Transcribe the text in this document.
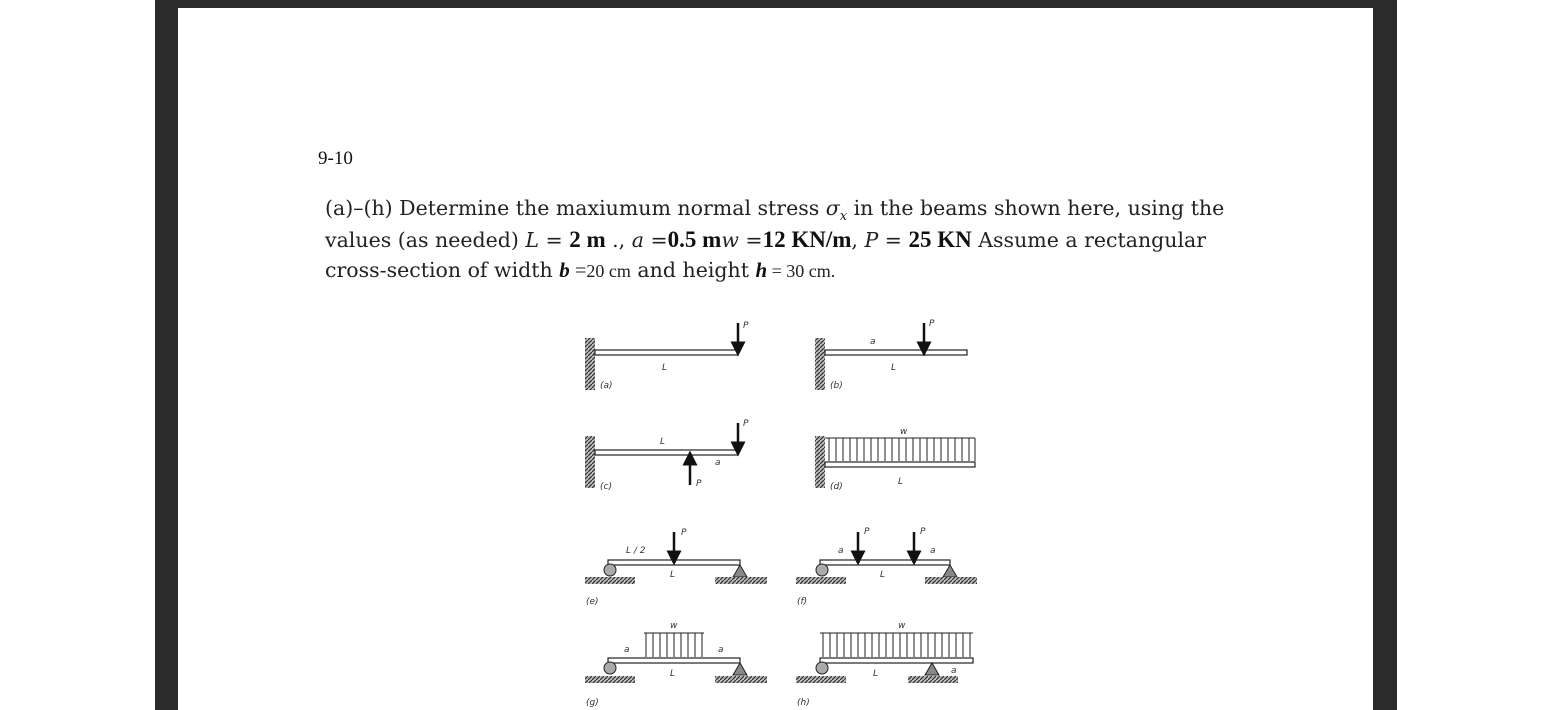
9-10
(a)–(h) Determine the maxiumum normal stress $\sigma_x$ in the beams shown here, using the
values (as needed) L = 2 m ., a =0.5 mw =12 KN/m, P = 25 KN Assume a rectangular
cross-section of width b =20 cm and height h = 30 cm.
P
L
(a)
P
a
L
(b)
P
P
L
a
(c)
w
L
(d)
P
L / 2
L
(e)
P	P
a	a
L
(f)
w
a	a
L
(g)
w
L	a
(h)
